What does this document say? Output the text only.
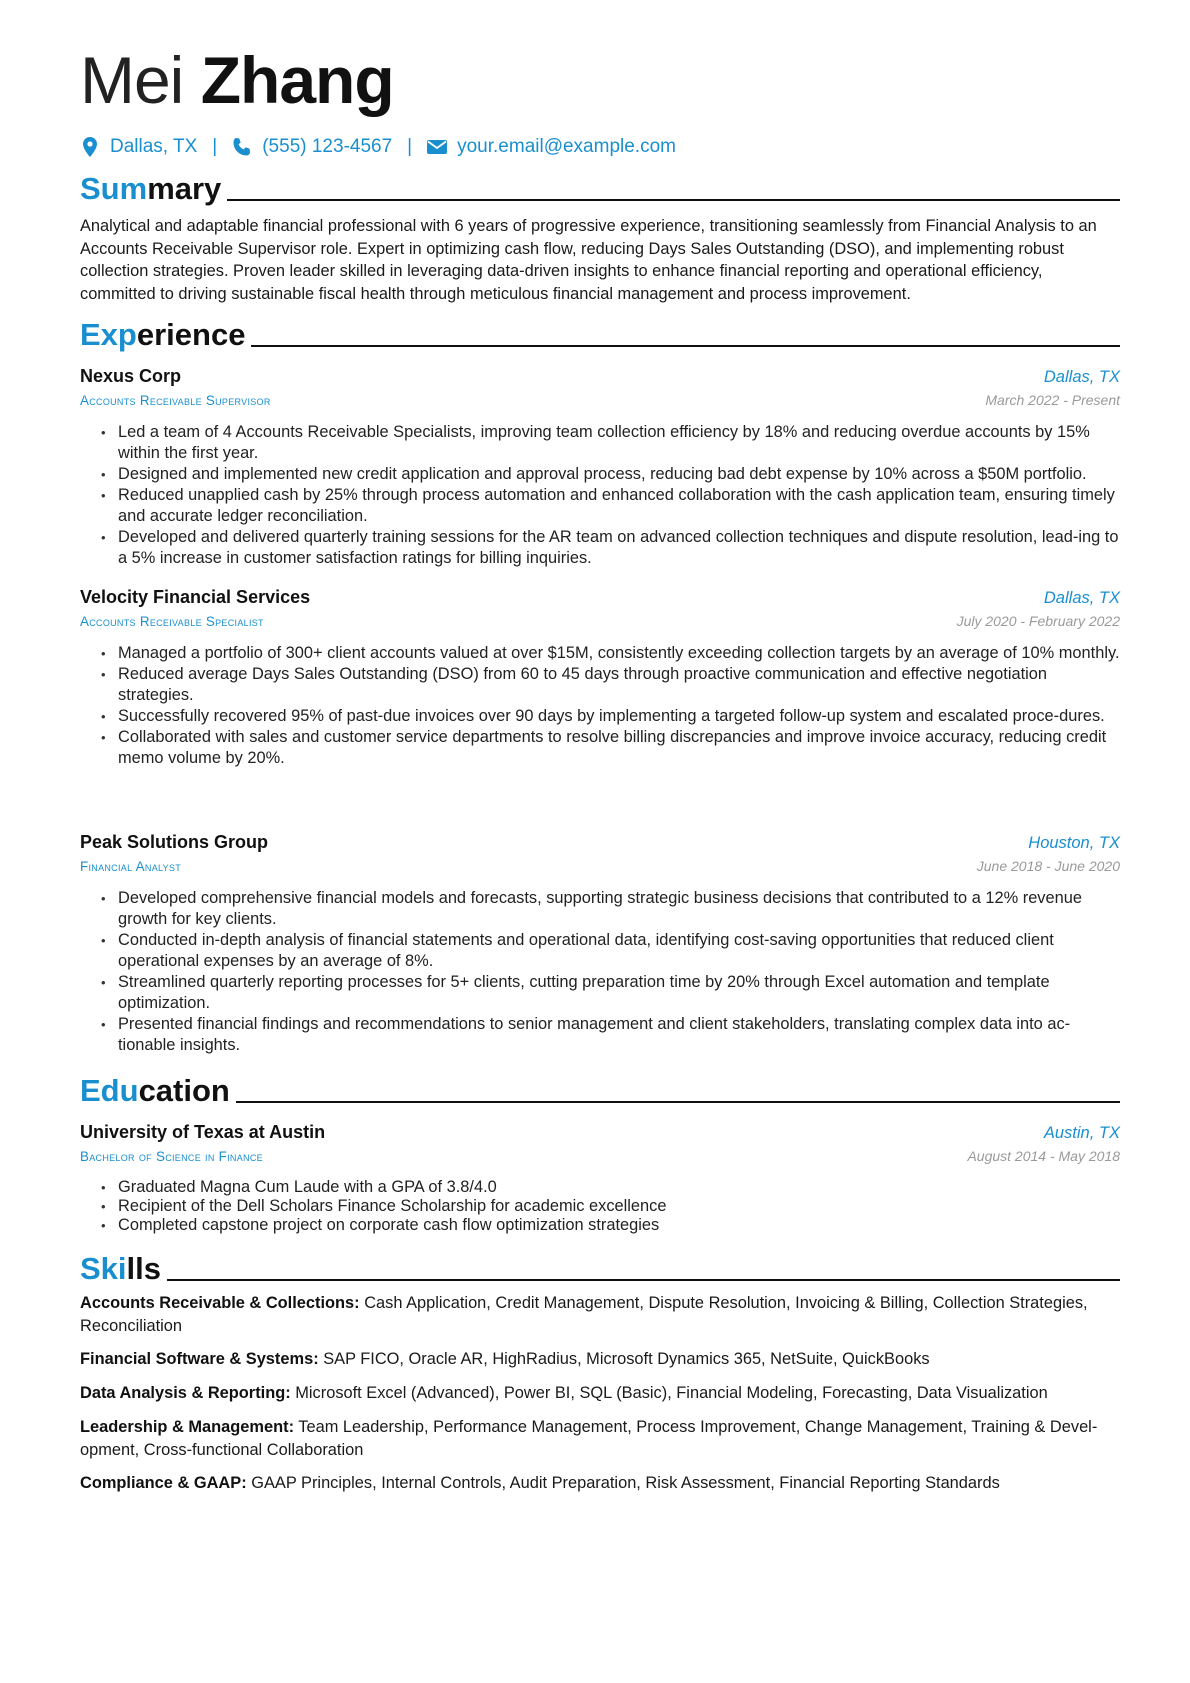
Mei Zhang
Dallas, TX | (555) 123-4567 | your.email@example.com
Summary
Analytical and adaptable financial professional with 6 years of progressive experience, transitioning seamlessly from Financial Analysis to an Accounts Receivable Supervisor role. Expert in optimizing cash flow, reducing Days Sales Outstanding (DSO), and implementing robust collection strategies. Proven leader skilled in leveraging data-driven insights to enhance financial reporting and operational efficiency, committed to driving sustainable fiscal health through meticulous financial management and process improvement.
Experience
Nexus Corp	Dallas, TX
Accounts Receivable Supervisor	March 2022 - Present
• Led a team of 4 Accounts Receivable Specialists, improving team collection efficiency by 18% and reducing overdue accounts by 15% within the first year.
• Designed and implemented new credit application and approval process, reducing bad debt expense by 10% across a $50M portfolio.
• Reduced unapplied cash by 25% through process automation and enhanced collaboration with the cash application team, ensuring timely and accurate ledger reconciliation.
• Developed and delivered quarterly training sessions for the AR team on advanced collection techniques and dispute resolution, lead-ing to a 5% increase in customer satisfaction ratings for billing inquiries.
Velocity Financial Services	Dallas, TX
Accounts Receivable Specialist	July 2020 - February 2022
• Managed a portfolio of 300+ client accounts valued at over $15M, consistently exceeding collection targets by an average of 10% monthly.
• Reduced average Days Sales Outstanding (DSO) from 60 to 45 days through proactive communication and effective negotiation strategies.
• Successfully recovered 95% of past-due invoices over 90 days by implementing a targeted follow-up system and escalated proce-dures.
• Collaborated with sales and customer service departments to resolve billing discrepancies and improve invoice accuracy, reducing credit memo volume by 20%.
Peak Solutions Group	Houston, TX
Financial Analyst	June 2018 - June 2020
• Developed comprehensive financial models and forecasts, supporting strategic business decisions that contributed to a 12% revenue growth for key clients.
• Conducted in-depth analysis of financial statements and operational data, identifying cost-saving opportunities that reduced client operational expenses by an average of 8%.
• Streamlined quarterly reporting processes for 5+ clients, cutting preparation time by 20% through Excel automation and template optimization.
• Presented financial findings and recommendations to senior management and client stakeholders, translating complex data into ac-tionable insights.
Education
University of Texas at Austin	Austin, TX
Bachelor of Science in Finance	August 2014 - May 2018
• Graduated Magna Cum Laude with a GPA of 3.8/4.0
• Recipient of the Dell Scholars Finance Scholarship for academic excellence
• Completed capstone project on corporate cash flow optimization strategies
Skills
Accounts Receivable & Collections: Cash Application, Credit Management, Dispute Resolution, Invoicing & Billing, Collection Strategies, Reconciliation
Financial Software & Systems: SAP FICO, Oracle AR, HighRadius, Microsoft Dynamics 365, NetSuite, QuickBooks
Data Analysis & Reporting: Microsoft Excel (Advanced), Power BI, SQL (Basic), Financial Modeling, Forecasting, Data Visualization
Leadership & Management: Team Leadership, Performance Management, Process Improvement, Change Management, Training & Devel-opment, Cross-functional Collaboration
Compliance & GAAP: GAAP Principles, Internal Controls, Audit Preparation, Risk Assessment, Financial Reporting Standards
